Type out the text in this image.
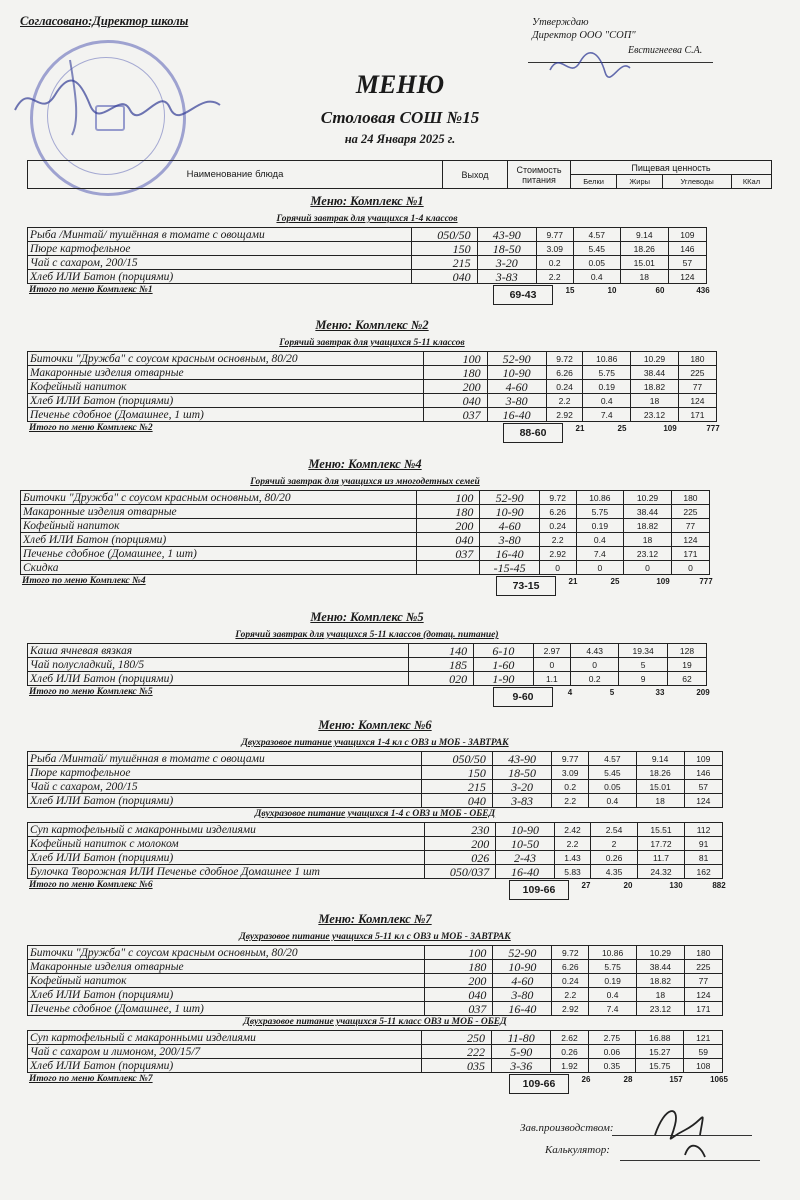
Согласовано:Директор школы	Утверждаю
Директор ООО "СОП"
Евстигнеева С.А.
МЕНЮ
Столовая СОШ №15
на 24 Января 2025 г.
Наименование блюда	Выход	Стоимость питания	Пищевая ценность			
			Белки	Жиры	Углеводы	ККал
Меню: Комплекс №1
Горячий завтрак для учащихся 1-4 классов
Рыба /Минтай/ тушённая в томате с овощами	050/50	43-90	9.77	4.57	9.14	109
Пюре картофельное	150	18-50	3.09	5.45	18.26	146
Чай с сахаром, 200/15	215	3-20	0.2	0.05	15.01	57
Хлеб ИЛИ Батон (порциями)	040	3-83	2.2	0.4	18	124
Итого по меню Комплекс №1	69-43	15	10	60	436
Меню: Комплекс №2
Горячий завтрак для учащихся 5-11 классов
Биточки "Дружба" с соусом красным основным, 80/20	100	52-90	9.72	10.86	10.29	180
Макаронные изделия отварные	180	10-90	6.26	5.75	38.44	225
Кофейный напиток	200	4-60	0.24	0.19	18.82	77
Хлеб ИЛИ Батон (порциями)	040	3-80	2.2	0.4	18	124
Печенье сдобное (Домашнее, 1 шт)	037	16-40	2.92	7.4	23.12	171
Итого по меню Комплекс №2	88-60	21	25	109	777
Меню: Комплекс №4
Горячий завтрак для учащихся из многодетных семей
Биточки "Дружба" с соусом красным основным, 80/20	100	52-90	9.72	10.86	10.29	180
Макаронные изделия отварные	180	10-90	6.26	5.75	38.44	225
Кофейный напиток	200	4-60	0.24	0.19	18.82	77
Хлеб ИЛИ Батон (порциями)	040	3-80	2.2	0.4	18	124
Печенье сдобное (Домашнее, 1 шт)	037	16-40	2.92	7.4	23.12	171
Скидка		-15-45	0	0	0	0
Итого по меню Комплекс №4	73-15	21	25	109	777
Меню: Комплекс №5
Горячий завтрак для учащихся 5-11 классов (дотац. питание)
Каша ячневая вязкая	140	6-10	2.97	4.43	19.34	128
Чай полусладкий, 180/5	185	1-60	0	0	5	19
Хлеб ИЛИ Батон (порциями)	020	1-90	1.1	0.2	9	62
Итого по меню Комплекс №5	9-60	4	5	33	209
Меню: Комплекс №6
Двухразовое питание учащихся 1-4 кл с ОВЗ и МОБ - ЗАВТРАК
Рыба /Минтай/ тушённая в томате с овощами	050/50	43-90	9.77	4.57	9.14	109
Пюре картофельное	150	18-50	3.09	5.45	18.26	146
Чай с сахаром, 200/15	215	3-20	0.2	0.05	15.01	57
Хлеб ИЛИ Батон (порциями)	040	3-83	2.2	0.4	18	124
Двухразовое питание учащихся 1-4 с ОВЗ и МОБ - ОБЕД
Суп картофельный с макаронными изделиями	230	10-90	2.42	2.54	15.51	112
Кофейный напиток с молоком	200	10-50	2.2	2	17.72	91
Хлеб ИЛИ Батон (порциями)	026	2-43	1.43	0.26	11.7	81
Булочка Творожная ИЛИ Печенье сдобное Домашнее 1 шт	050/037	16-40	5.83	4.35	24.32	162
Итого по меню Комплекс №6	109-66	27	20	130	882
Меню: Комплекс №7
Двухразовое питание учащихся 5-11 кл с ОВЗ и МОБ - ЗАВТРАК
Биточки "Дружба" с соусом красным основным, 80/20	100	52-90	9.72	10.86	10.29	180
Макаронные изделия отварные	180	10-90	6.26	5.75	38.44	225
Кофейный напиток	200	4-60	0.24	0.19	18.82	77
Хлеб ИЛИ Батон (порциями)	040	3-80	2.2	0.4	18	124
Печенье сдобное (Домашнее, 1 шт)	037	16-40	2.92	7.4	23.12	171
Двухразовое питание учащихся 5-11 класс ОВЗ и МОБ - ОБЕД
Суп картофельный с макаронными изделиями	250	11-80	2.62	2.75	16.88	121
Чай с сахаром и лимоном, 200/15/7	222	5-90	0.26	0.06	15.27	59
Хлеб ИЛИ Батон (порциями)	035	3-36	1.92	0.35	15.75	108
Итого по меню Комплекс №7	109-66	26	28	157	1065
Зав.производством:
Калькулятор:
